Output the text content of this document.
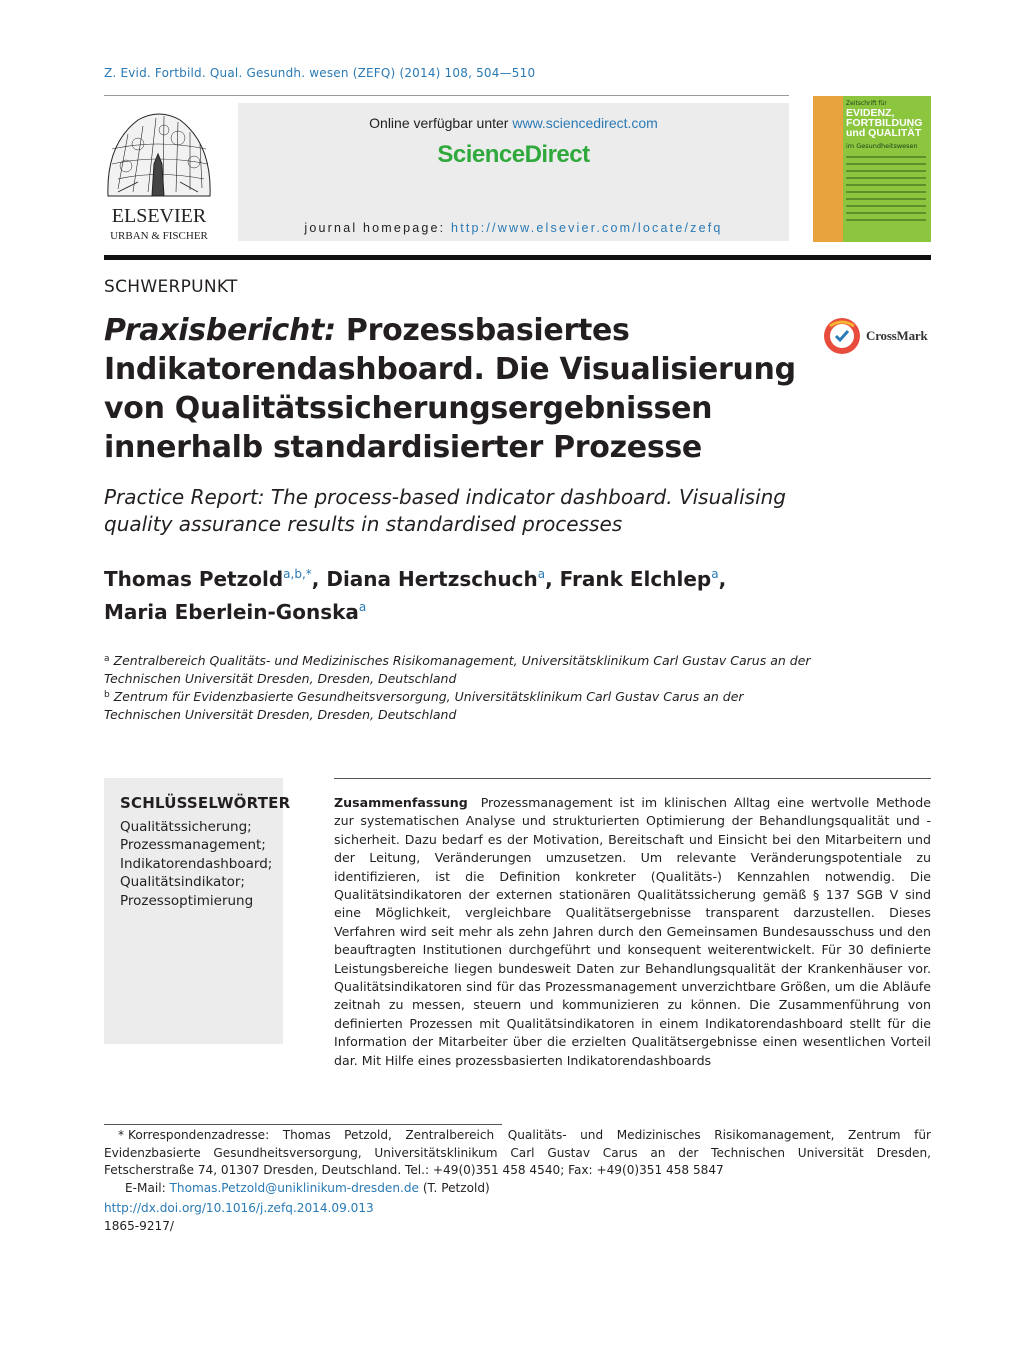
Z. Evid. Fortbild. Qual. Gesundh. wesen (ZEFQ) (2014) 108, 504—510
ELSEVIER
URBAN & FISCHER
Online verfügbar unter www.sciencedirect.com
ScienceDirect
journal homepage: http://www.elsevier.com/locate/zefq
Zeitschrift für
EVIDENZ,
FORTBILDUNG
und QUALITÄT
im Gesundheitswesen
SCHWERPUNKT
Praxisbericht: Prozessbasiertes Indikatorendashboard. Die Visualisierung von Qualitätssicherungsergebnissen innerhalb standardisierter Prozesse
CrossMark
Practice Report: The process-based indicator dashboard. Visualising quality assurance results in standardised processes
Thomas Petzold$^{a,b,*}$, Diana Hertzschuch$^a$, Frank Elchlep$^a$,
Maria Eberlein-Gonska$^a$
$^a$ Zentralbereich Qualitäts- und Medizinisches Risikomanagement, Universitätsklinikum Carl Gustav Carus an der Technischen Universität Dresden, Dresden, Deutschland
$^b$ Zentrum für Evidenzbasierte Gesundheitsversorgung, Universitätsklinikum Carl Gustav Carus an der Technischen Universität Dresden, Dresden, Deutschland
SCHLÜSSELWÖRTER
Qualitätssicherung;
Prozessmanagement;
Indikatorendashboard;
Qualitätsindikator;
Prozessoptimierung
Zusammenfassung Prozessmanagement ist im klinischen Alltag eine wertvolle Methode zur systematischen Analyse und strukturierten Optimierung der Behandlungsqualität und -sicherheit. Dazu bedarf es der Motivation, Bereitschaft und Einsicht bei den Mitarbeitern und der Leitung, Veränderungen umzusetzen. Um relevante Veränderungspotentiale zu identifizieren, ist die Definition konkreter (Qualitäts-) Kennzahlen notwendig. Die Qualitätsindikatoren der externen stationären Qualitätssicherung gemäß § 137 SGB V sind eine Möglichkeit, vergleichbare Qualitätsergebnisse transparent darzustellen. Dieses Verfahren wird seit mehr als zehn Jahren durch den Gemeinsamen Bundesausschuss und den beauftragten Institutionen durchgeführt und konsequent weiterentwickelt. Für 30 definierte Leistungsbereiche liegen bundesweit Daten zur Behandlungsqualität der Krankenhäuser vor. Qualitätsindikatoren sind für das Prozessmanagement unverzichtbare Größen, um die Abläufe zeitnah zu messen, steuern und kommunizieren zu können. Die Zusammenführung von definierten Prozessen mit Qualitätsindikatoren in einem Indikatorendashboard stellt für die Information der Mitarbeiter über die erzielten Qualitätsergebnisse einen wesentlichen Vorteil dar. Mit Hilfe eines prozessbasierten Indikatorendashboards
* Korrespondenzadresse: Thomas Petzold, Zentralbereich Qualitäts- und Medizinisches Risikomanagement, Zentrum für Evidenzbasierte Gesundheitsversorgung, Universitätsklinikum Carl Gustav Carus an der Technischen Universität Dresden, Fetscherstraße 74, 01307 Dresden, Deutschland. Tel.: +49(0)351 458 4540; Fax: +49(0)351 458 5847
E-Mail: Thomas.Petzold@uniklinikum-dresden.de (T. Petzold)
http://dx.doi.org/10.1016/j.zefq.2014.09.013
1865-9217/
